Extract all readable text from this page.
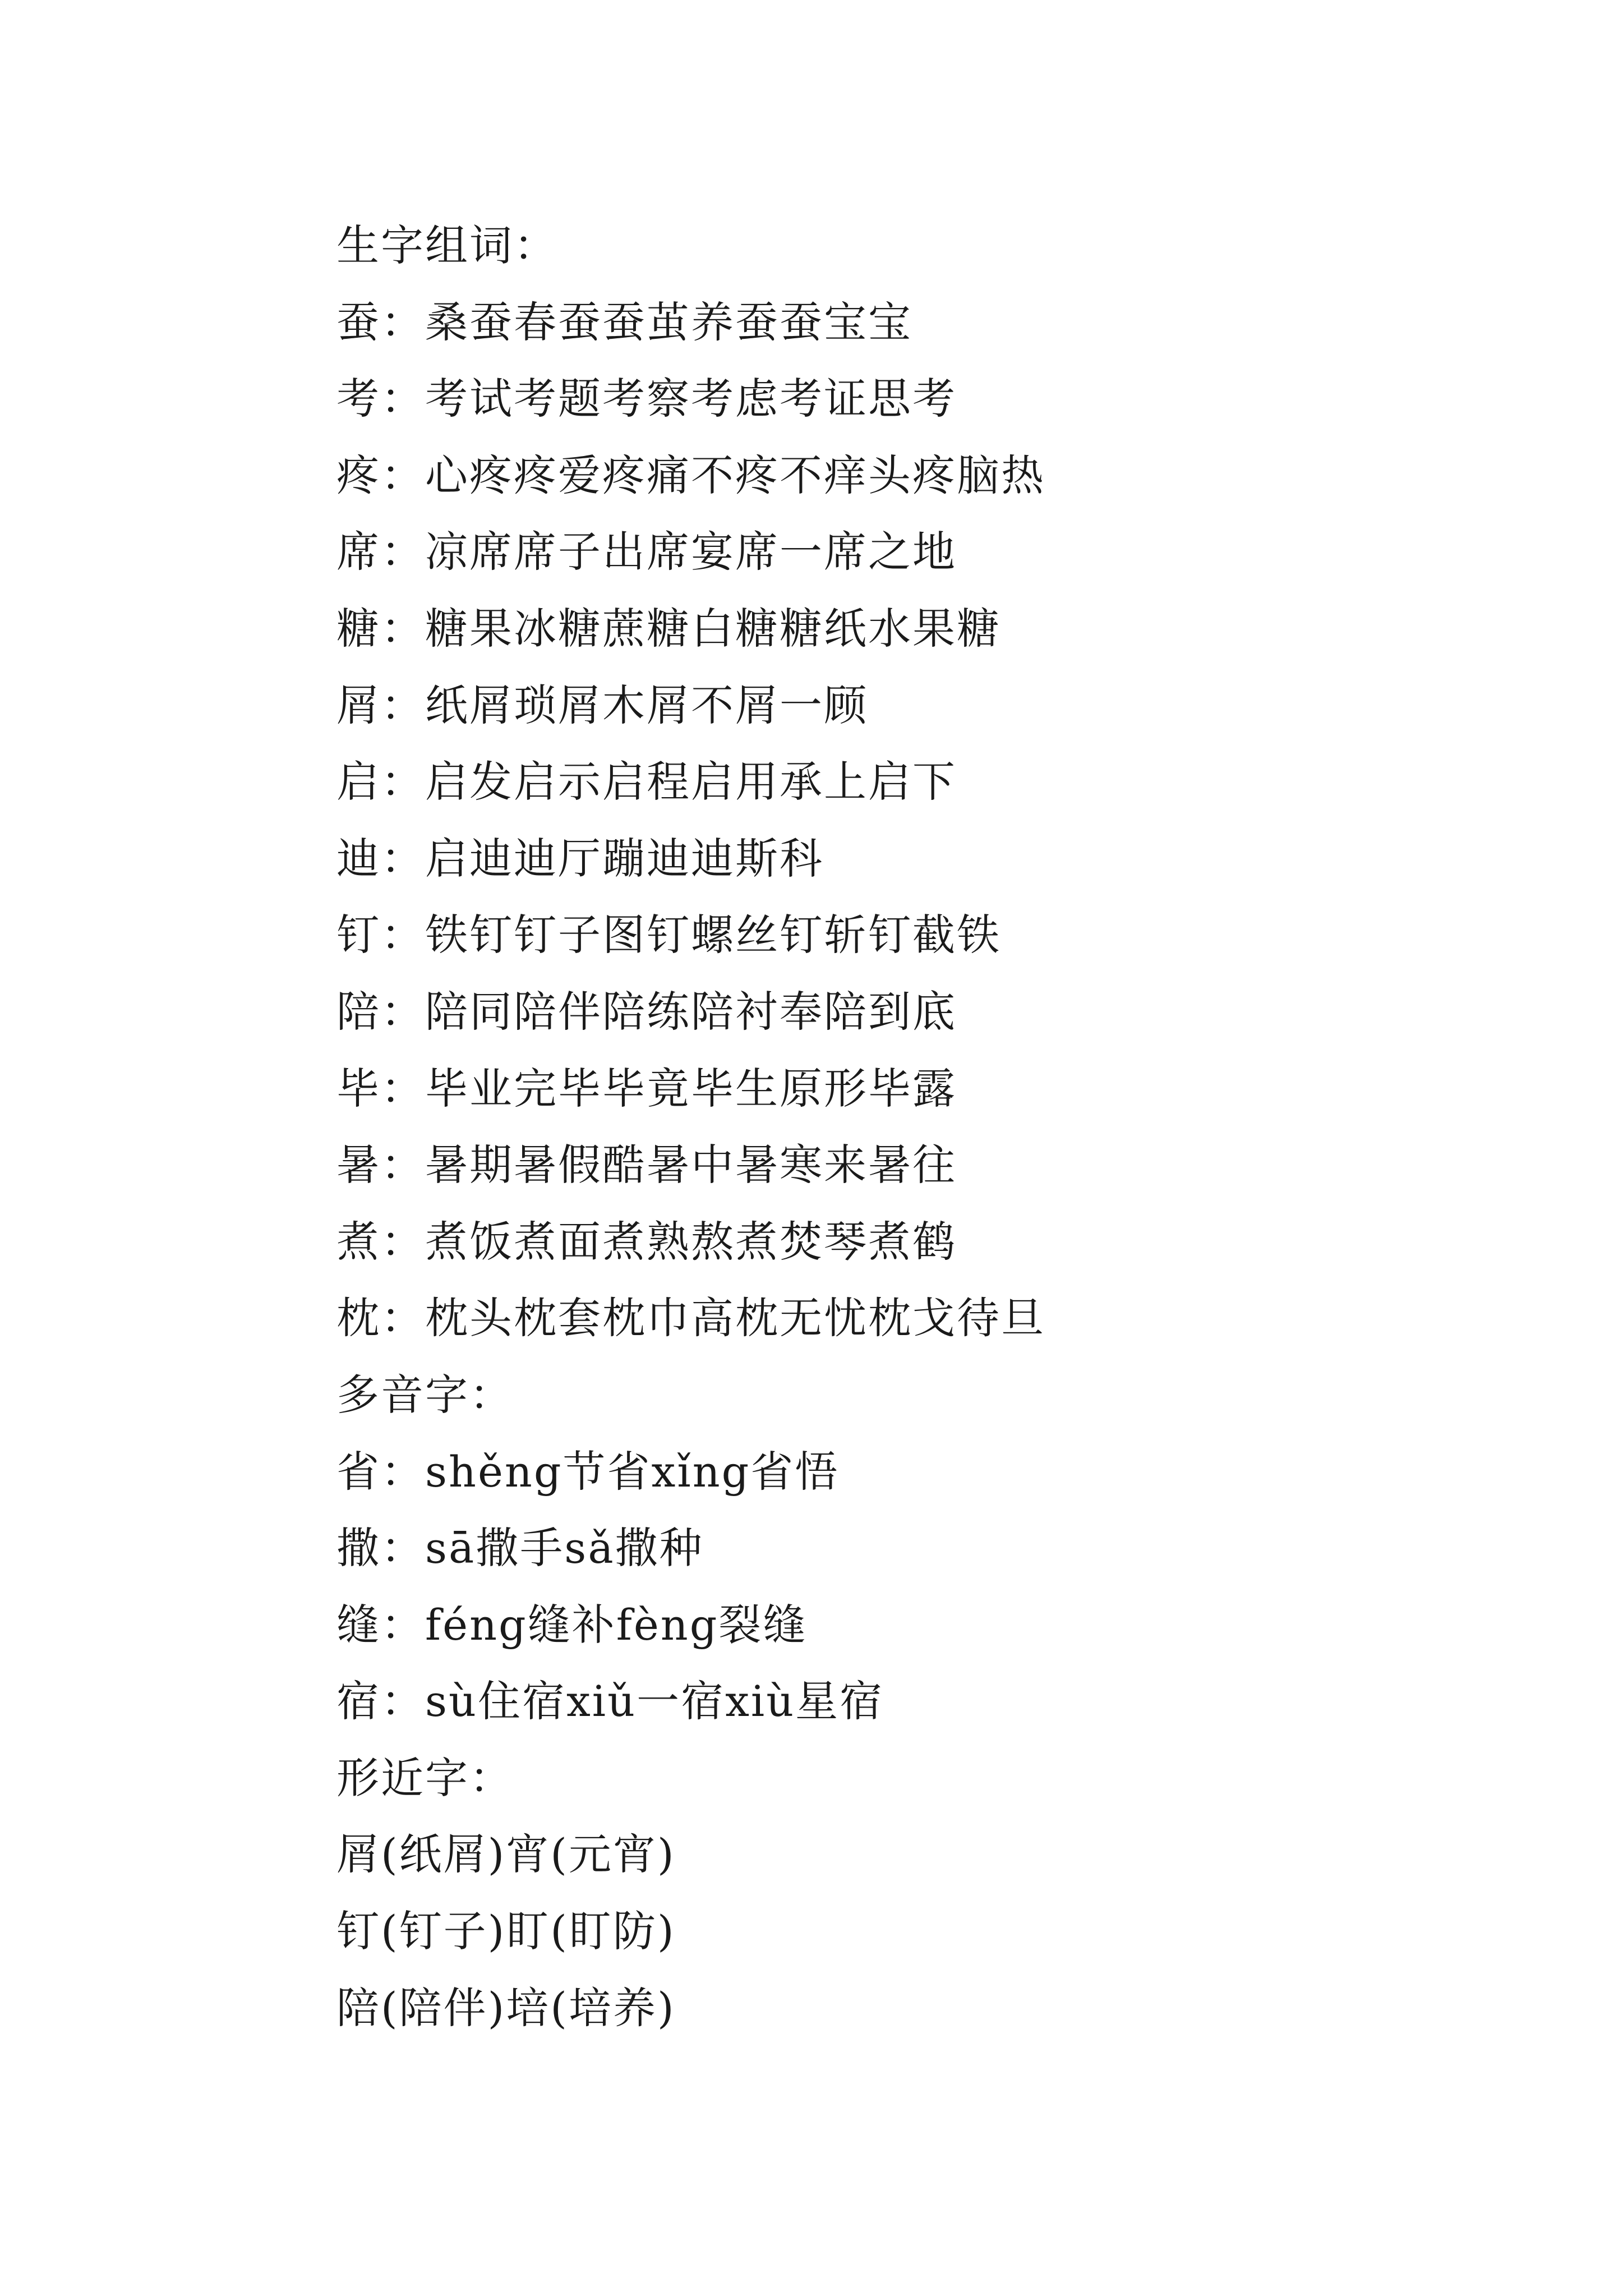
生字组词：
蚕：桑蚕春蚕蚕茧养蚕蚕宝宝
考：考试考题考察考虑考证思考
疼：心疼疼爱疼痛不疼不痒头疼脑热
席：凉席席子出席宴席一席之地
糖：糖果冰糖蔗糖白糖糖纸水果糖
屑：纸屑琐屑木屑不屑一顾
启：启发启示启程启用承上启下
迪：启迪迪厅蹦迪迪斯科
钉：铁钉钉子图钉螺丝钉斩钉截铁
陪：陪同陪伴陪练陪衬奉陪到底
毕：毕业完毕毕竟毕生原形毕露
暑：暑期暑假酷暑中暑寒来暑往
煮：煮饭煮面煮熟熬煮焚琴煮鹤
枕：枕头枕套枕巾高枕无忧枕戈待旦
多音字：
省：shěng节省xǐng省悟
撒：sā撒手sǎ撒种
缝：féng缝补fèng裂缝
宿：sù住宿xiǔ一宿xiù星宿
形近字：
屑(纸屑)宵(元宵)
钉(钉子)盯(盯防)
陪(陪伴)培(培养)
